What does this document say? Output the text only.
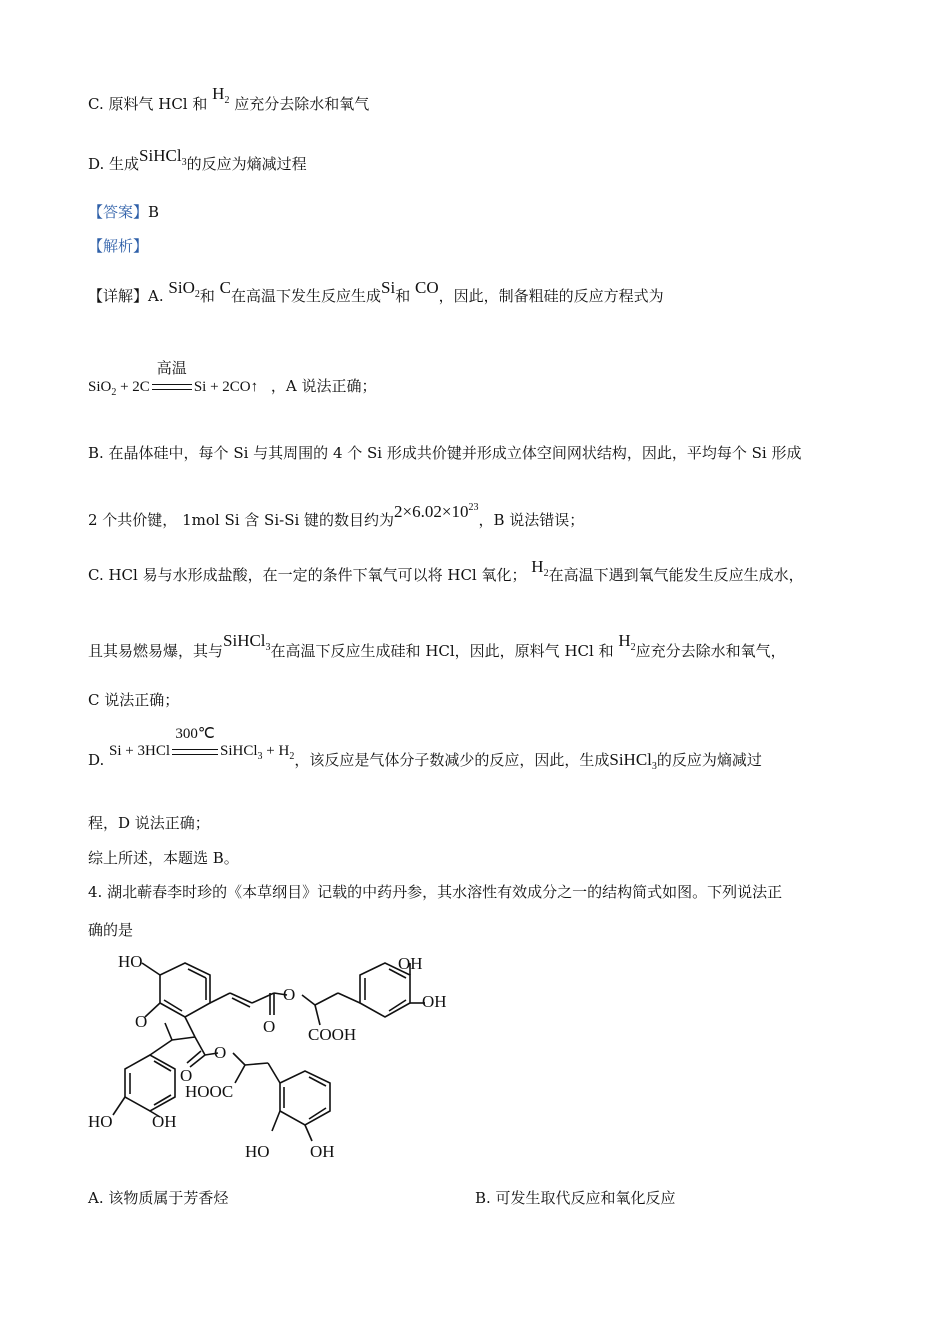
C. 原料气 HCl 和 $H_2$ 应充分去除水和氧气
D. 生成SiHCl$_3$的反应为熵减过程
【答案】B
【解析】
【详解】A. SiO$_2$和 C在高温下发生反应生成Si和 CO，因此，制备粗硅的反应方程式为
SiO$_2$ + 2C
高温
Si + 2CO↑ ，A 说法正确；
B. 在晶体硅中，每个 Si 与其周围的 4 个 Si 形成共价键并形成立体空间网状结构，因此，平均每个 Si 形成
2 个共价键， 1mol Si 含 Si-Si 键的数目约为$2\times 6.02\times 10^{23}$，B 说法错误；
C. HCl 易与水形成盐酸，在一定的条件下氧气可以将 HCl 氧化； $H_2$在高温下遇到氧气能发生反应生成水，
且其易燃易爆，其与SiHCl$_3$在高温下反应生成硅和 HCl，因此，原料气 HCl 和 $H_2$应充分去除水和氧气，
C 说法正确；
D. Si + 3HCl
300℃
SiHCl$_3$ + $H_2$，该反应是气体分子数减少的反应，因此，生成SiHCl$_3$的反应为熵减过
程，D 说法正确；
综上所述，本题选 B。
4. 湖北蕲春李时珍的《本草纲目》记载的中药丹参，其水溶性有效成分之一的结构简式如图。下列说法正
确的是
HO	OH
OH
O
O
O COOH
O
O
HOOC
HO OH
HO OH
A. 该物质属于芳香烃	B. 可发生取代反应和氧化反应
